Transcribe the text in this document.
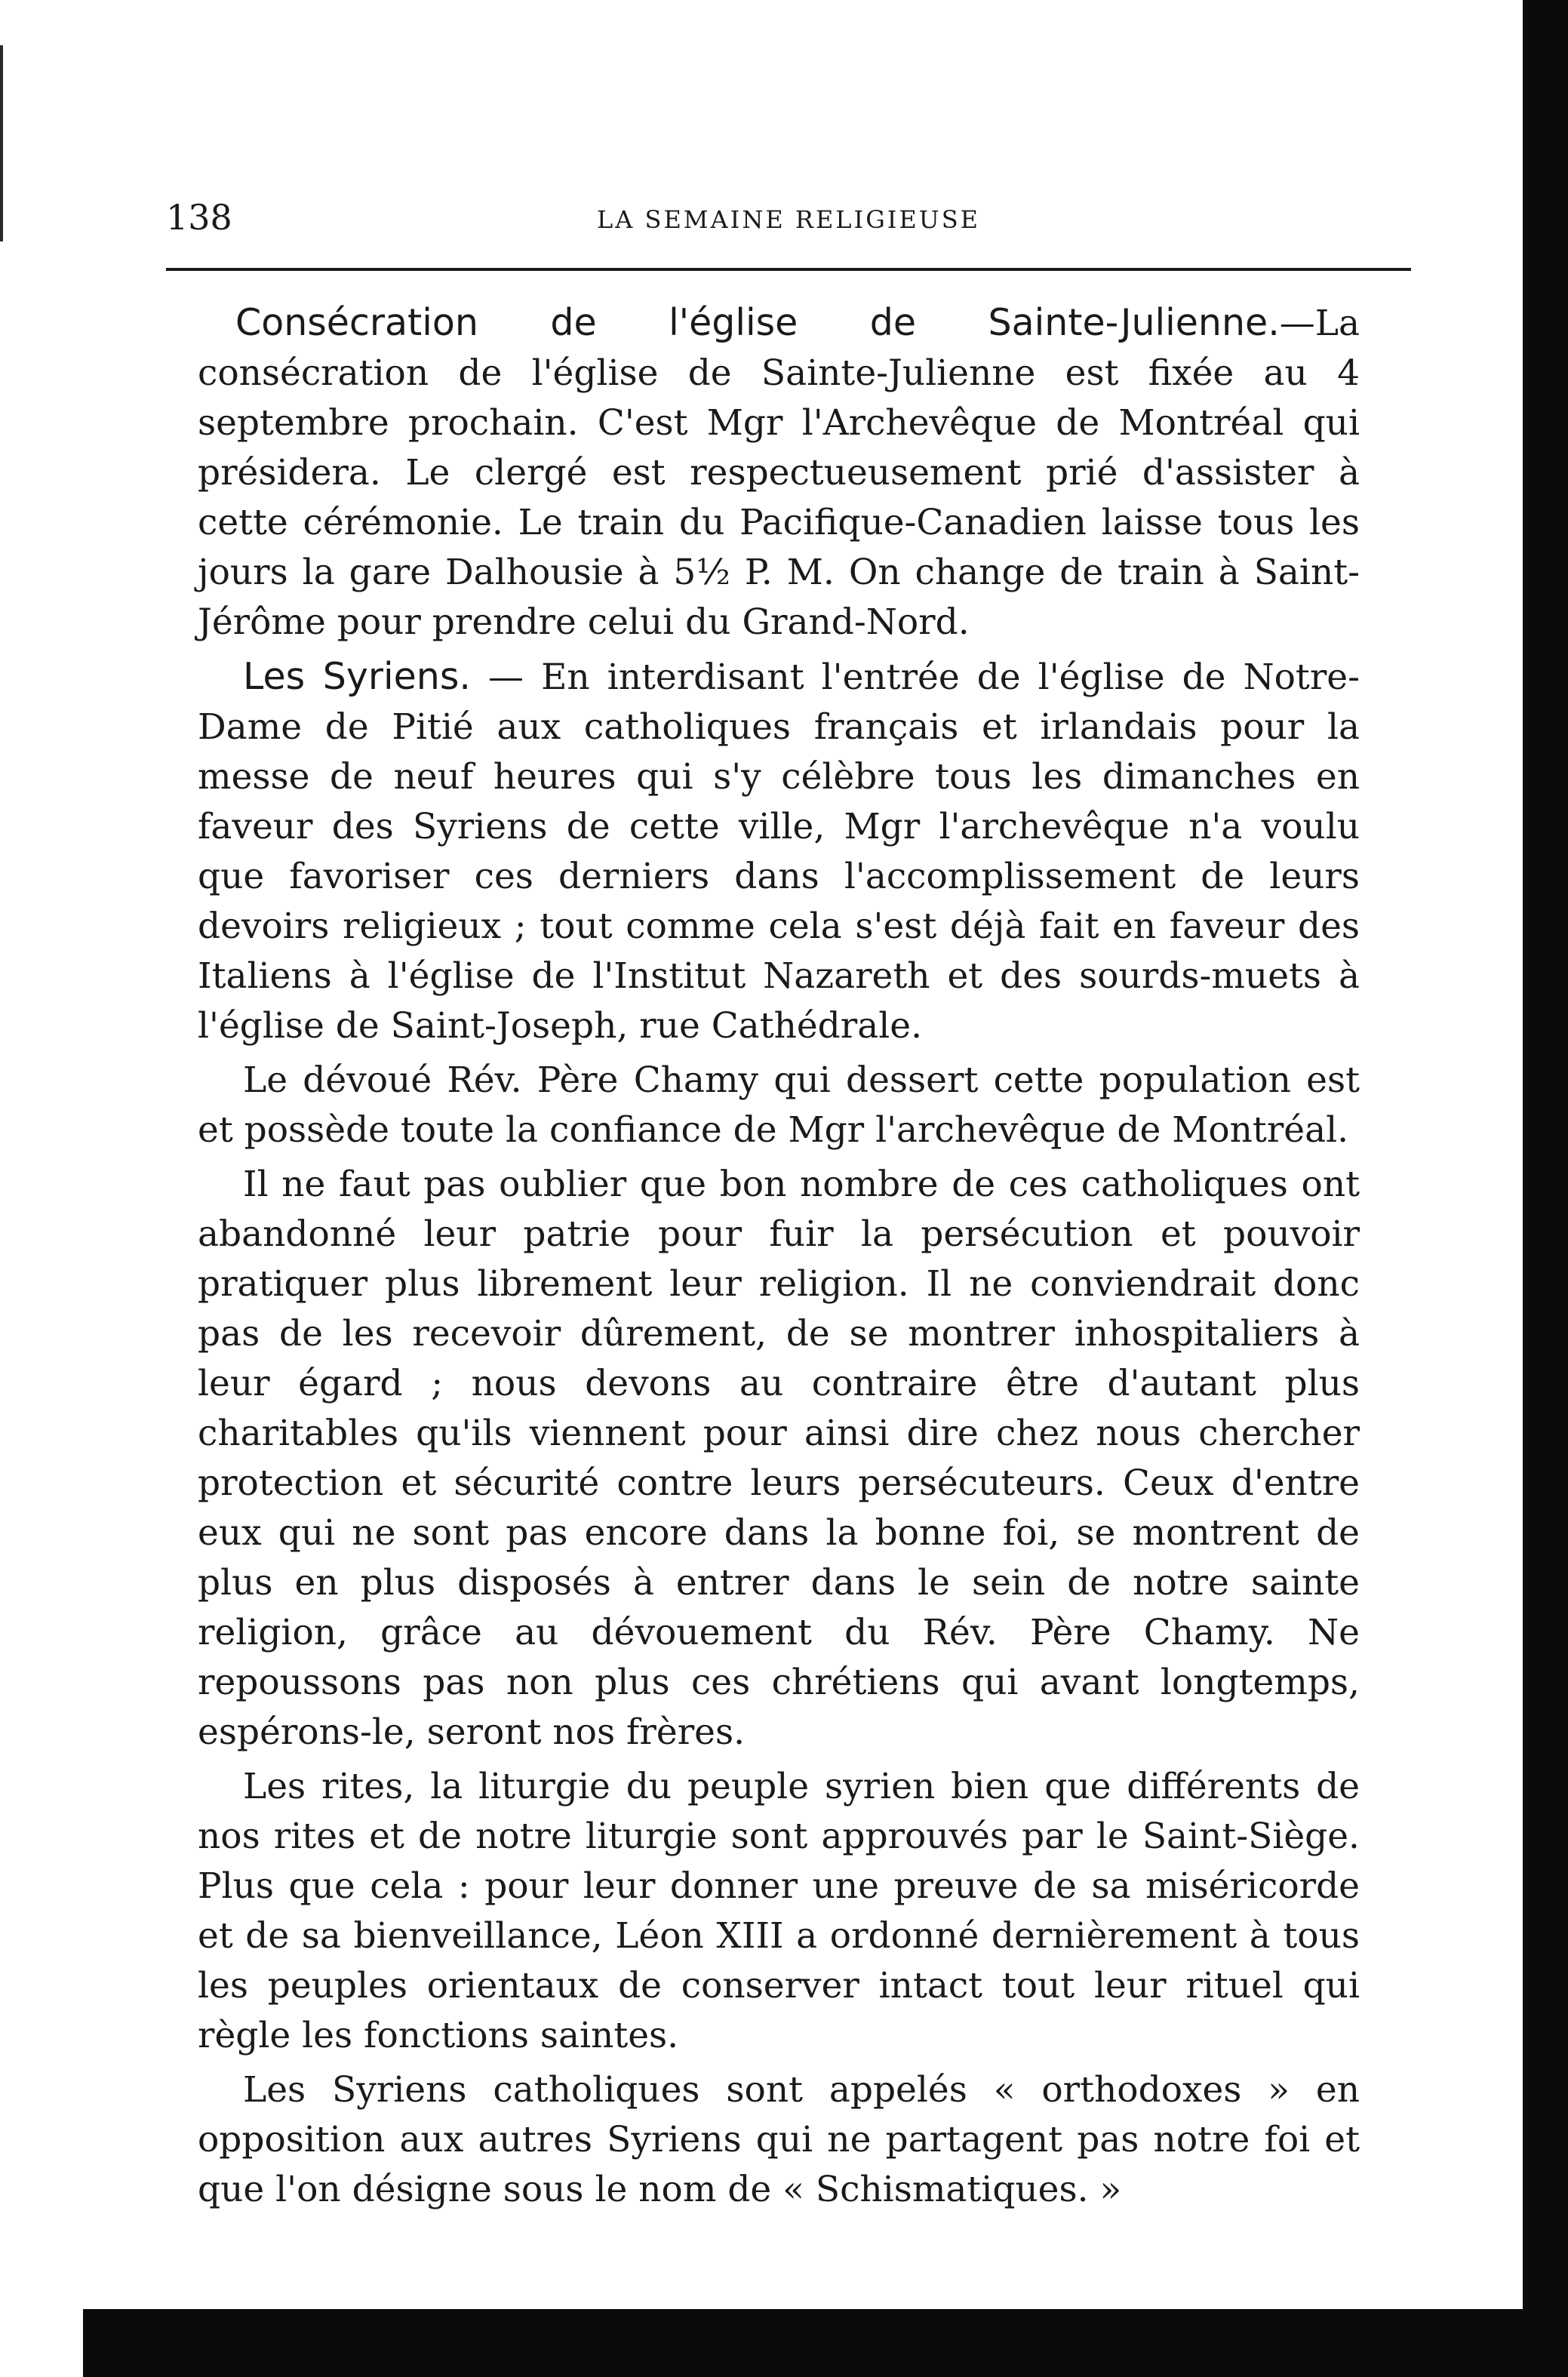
138	LA SEMAINE RELIGIEUSE

Consécration de l'église de Sainte-Julienne.—La consécration de l'église de Sainte-Julienne est fixée au 4 septembre prochain. C'est Mgr l'Archevêque de Montréal qui présidera. Le clergé est respectueusement prié d'assister à cette cérémonie. Le train du Pacifique-Canadien laisse tous les jours la gare Dalhousie à 5½ P. M. On change de train à Saint-Jérôme pour prendre celui du Grand-Nord.

Les Syriens. — En interdisant l'entrée de l'église de Notre-Dame de Pitié aux catholiques français et irlandais pour la messe de neuf heures qui s'y célèbre tous les dimanches en faveur des Syriens de cette ville, Mgr l'archevêque n'a voulu que favoriser ces derniers dans l'accomplissement de leurs devoirs religieux ; tout comme cela s'est déjà fait en faveur des Italiens à l'église de l'Institut Nazareth et des sourds-muets à l'église de Saint-Joseph, rue Cathédrale.

Le dévoué Rév. Père Chamy qui dessert cette population est et possède toute la confiance de Mgr l'archevêque de Montréal.

Il ne faut pas oublier que bon nombre de ces catholiques ont abandonné leur patrie pour fuir la persécution et pouvoir pratiquer plus librement leur religion. Il ne conviendrait donc pas de les recevoir dûrement, de se montrer inhospitaliers à leur égard ; nous devons au contraire être d'autant plus charitables qu'ils viennent pour ainsi dire chez nous chercher protection et sécurité contre leurs persécuteurs. Ceux d'entre eux qui ne sont pas encore dans la bonne foi, se montrent de plus en plus disposés à entrer dans le sein de notre sainte religion, grâce au dévouement du Rév. Père Chamy. Ne repoussons pas non plus ces chrétiens qui avant longtemps, espérons-le, seront nos frères.

Les rites, la liturgie du peuple syrien bien que différents de nos rites et de notre liturgie sont approuvés par le Saint-Siège. Plus que cela : pour leur donner une preuve de sa miséricorde et de sa bienveillance, Léon XIII a ordonné dernièrement à tous les peuples orientaux de conserver intact tout leur rituel qui règle les fonctions saintes.

Les Syriens catholiques sont appelés « orthodoxes » en opposition aux autres Syriens qui ne partagent pas notre foi et que l'on désigne sous le nom de « Schismatiques. »
